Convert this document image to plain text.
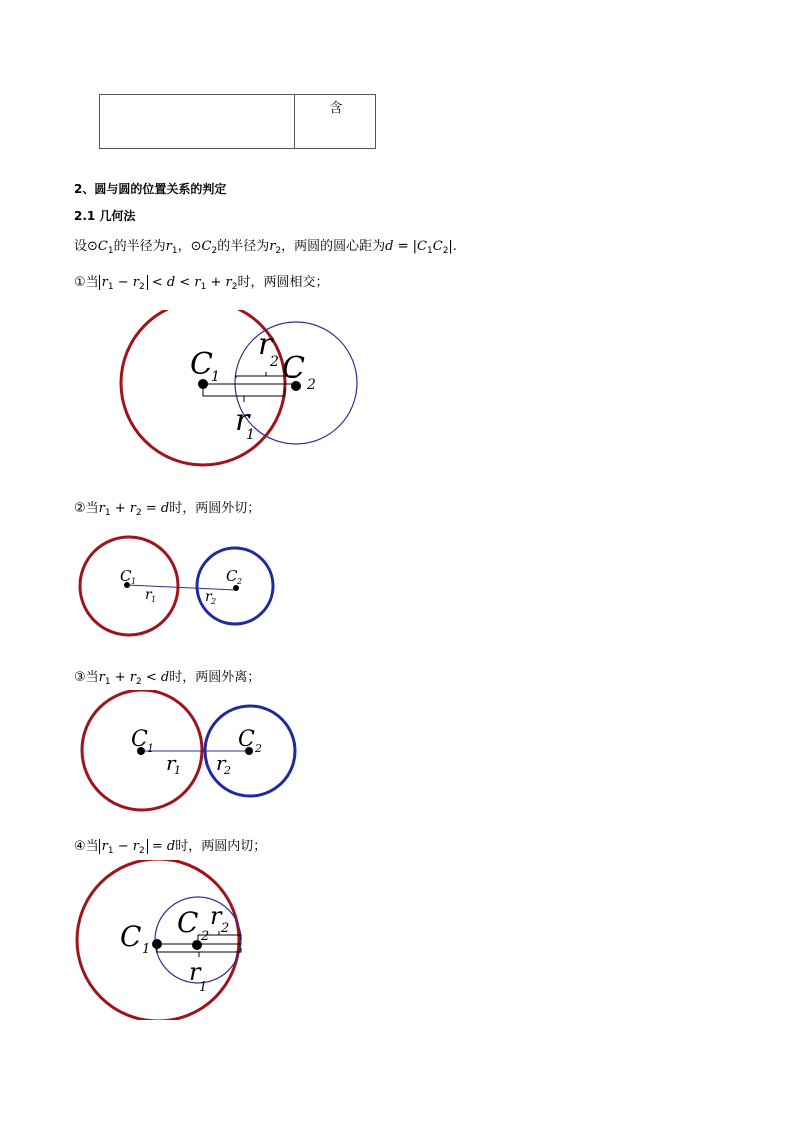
含
2、圆与圆的位置关系的判定
2.1 几何法
设$⊙C_1$的半径为$r_1$，$⊙C_2$的半径为$r_2$，两圆的圆心距为$d = |C_1C_2|$.
①当 $r_1 - r_2 < d < r_1 + r_2$时，两圆相交；
C
1 C 2
r
2
r
1
②当$r_1 + r_2 = d$时，两圆外切；
C 1	C 2
r 1	r 2
③当$r_1 + r_2 < d$时，两圆外离；
C 1	C 2
r
1 r
2
④当 $r_1 - r_2 = d$时，两圆内切；
C 1
C 2
r 2
r
1
